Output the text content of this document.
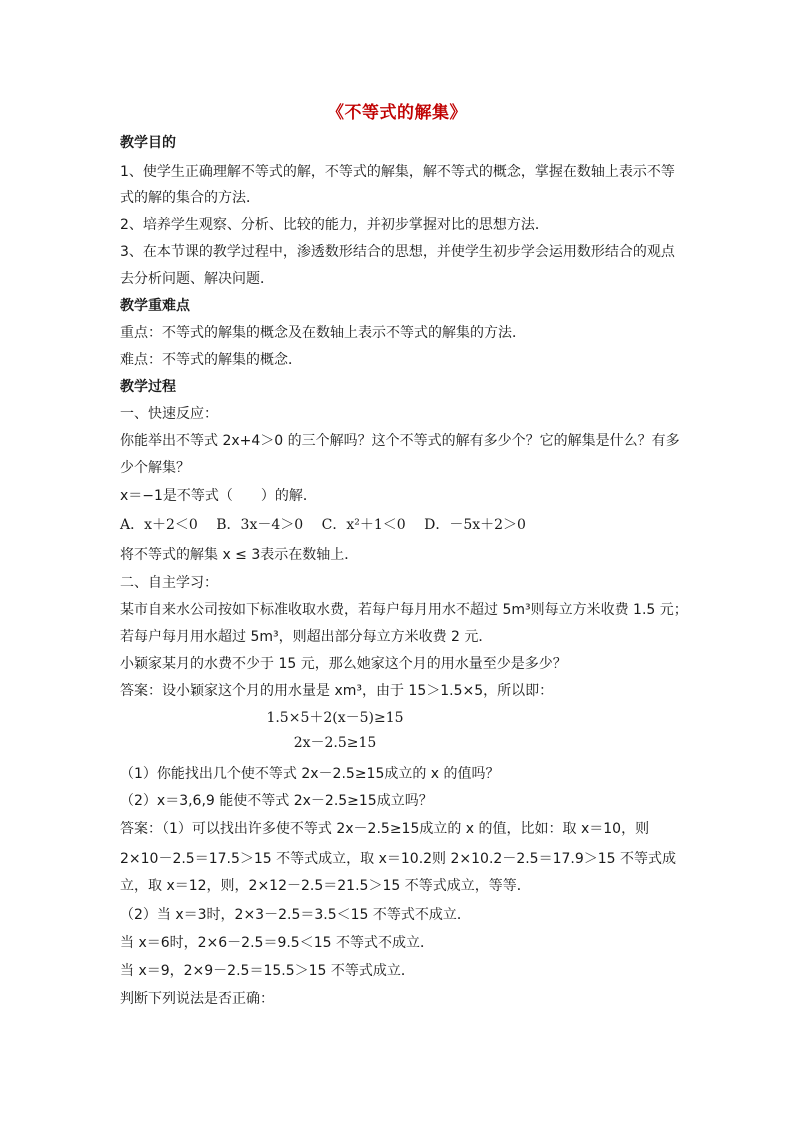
《不等式的解集》
教学目的
1、使学生正确理解不等式的解，不等式的解集，解不等式的概念，掌握在数轴上表示不等
式的解的集合的方法．
2、培养学生观察、分析、比较的能力，并初步掌握对比的思想方法．
3、在本节课的教学过程中，渗透数形结合的思想，并使学生初步学会运用数形结合的观点
去分析问题、解决问题．
教学重难点
重点：不等式的解集的概念及在数轴上表示不等式的解集的方法．
难点：不等式的解集的概念．
教学过程
一、快速反应：
你能举出不等式 2x+4＞0 的三个解吗？这个不等式的解有多少个？它的解集是什么？有多
少个解集？
x＝−1是不等式（　　）的解．
A．x＋2＜0　 B．3x－4＞0　 C．x²＋1＜0　 D．－5x＋2＞0
将不等式的解集 x ≤ 3表示在数轴上．
二、自主学习：
某市自来水公司按如下标准收取水费，若每户每月用水不超过 5m³则每立方米收费 1.5 元；
若每户每月用水超过 5m³，则超出部分每立方米收费 2 元．
小颖家某月的水费不少于 15 元，那么她家这个月的用水量至少是多少？
答案：设小颖家这个月的用水量是 xm³，由于 15＞1.5×5，所以即：
1.5×5＋2(x－5)≥15
2x－2.5≥15
（1）你能找出几个使不等式 2x－2.5≥15成立的 x 的值吗？
（2）x＝3,6,9 能使不等式 2x－2.5≥15成立吗？
答案：（1）可以找出许多使不等式 2x－2.5≥15成立的 x 的值，比如：取 x＝10，则
2×10－2.5＝17.5＞15 不等式成立，取 x＝10.2则 2×10.2－2.5＝17.9＞15 不等式成
立，取 x＝12，则，2×12－2.5＝21.5＞15 不等式成立，等等．
（2）当 x＝3时，2×3－2.5＝3.5＜15 不等式不成立．
当 x＝6时，2×6－2.5＝9.5＜15 不等式不成立．
当 x＝9，2×9－2.5＝15.5＞15 不等式成立．
判断下列说法是否正确：
